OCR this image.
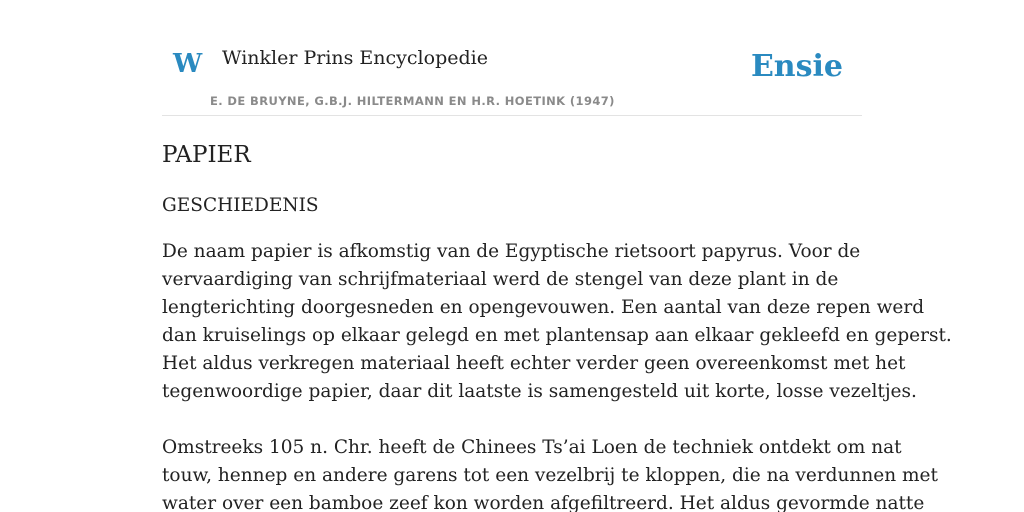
W Winkler Prins Encyclopedie
E. DE BRUYNE, G.B.J. HILTERMANN EN H.R. HOETINK (1947)
Ensie
PAPIER
GESCHIEDENIS

De naam papier is afkomstig van de Egyptische rietsoort papyrus. Voor de
vervaardiging van schrijfmateriaal werd de stengel van deze plant in de
lengterichting doorgesneden en opengevouwen. Een aantal van deze repen werd
dan kruiselings op elkaar gelegd en met plantensap aan elkaar gekleefd en geperst.
Het aldus verkregen materiaal heeft echter verder geen overeenkomst met het
tegenwoordige papier, daar dit laatste is samengesteld uit korte, losse vezeltjes.

Omstreeks 105 n. Chr. heeft de Chinees Ts’ai Loen de techniek ontdekt om nat
touw, hennep en andere garens tot een vezelbrij te kloppen, die na verdunnen met
water over een bamboe zeef kon worden afgefiltreerd. Het aldus gevormde natte
